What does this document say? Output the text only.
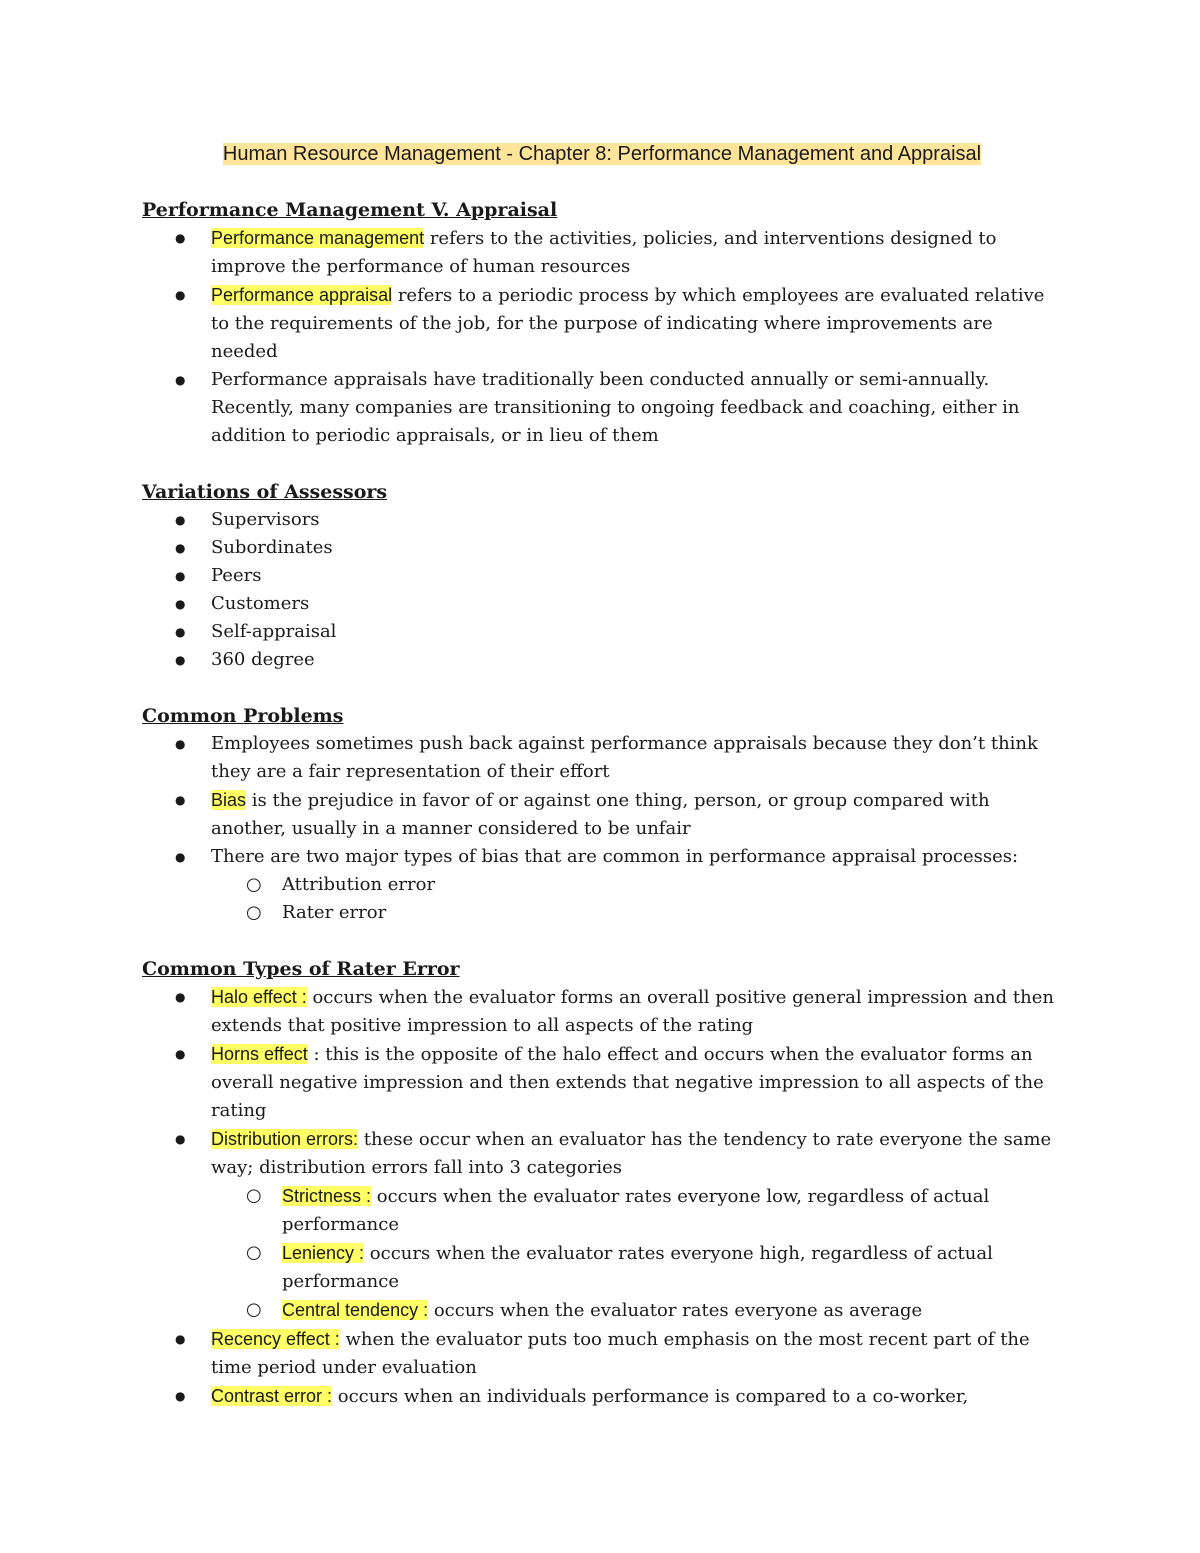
Human Resource Management - Chapter 8: Performance Management and Appraisal

Performance Management V. Appraisal

● Performance management refers to the activities, policies, and interventions designed to improve the performance of human resources
● Performance appraisal refers to a periodic process by which employees are evaluated relative to the requirements of the job, for the purpose of indicating where improvements are needed
● Performance appraisals have traditionally been conducted annually or semi-annually. Recently, many companies are transitioning to ongoing feedback and coaching, either in addition to periodic appraisals, or in lieu of them

Variations of Assessors

● Supervisors
● Subordinates
● Peers
● Customers
● Self-appraisal
● 360 degree

Common Problems

● Employees sometimes push back against performance appraisals because they don’t think they are a fair representation of their effort
● Bias is the prejudice in favor of or against one thing, person, or group compared with another, usually in a manner considered to be unfair
● There are two major types of bias that are common in performance appraisal processes:
○ Attribution error
○ Rater error

Common Types of Rater Error

● Halo effect : occurs when the evaluator forms an overall positive general impression and then extends that positive impression to all aspects of the rating
● Horns effect : this is the opposite of the halo effect and occurs when the evaluator forms an overall negative impression and then extends that negative impression to all aspects of the rating
● Distribution errors: these occur when an evaluator has the tendency to rate everyone the same way; distribution errors fall into 3 categories
○ Strictness : occurs when the evaluator rates everyone low, regardless of actual performance
○ Leniency : occurs when the evaluator rates everyone high, regardless of actual performance
○ Central tendency : occurs when the evaluator rates everyone as average
● Recency effect : when the evaluator puts too much emphasis on the most recent part of the time period under evaluation
● Contrast error : occurs when an individuals performance is compared to a co-worker,
